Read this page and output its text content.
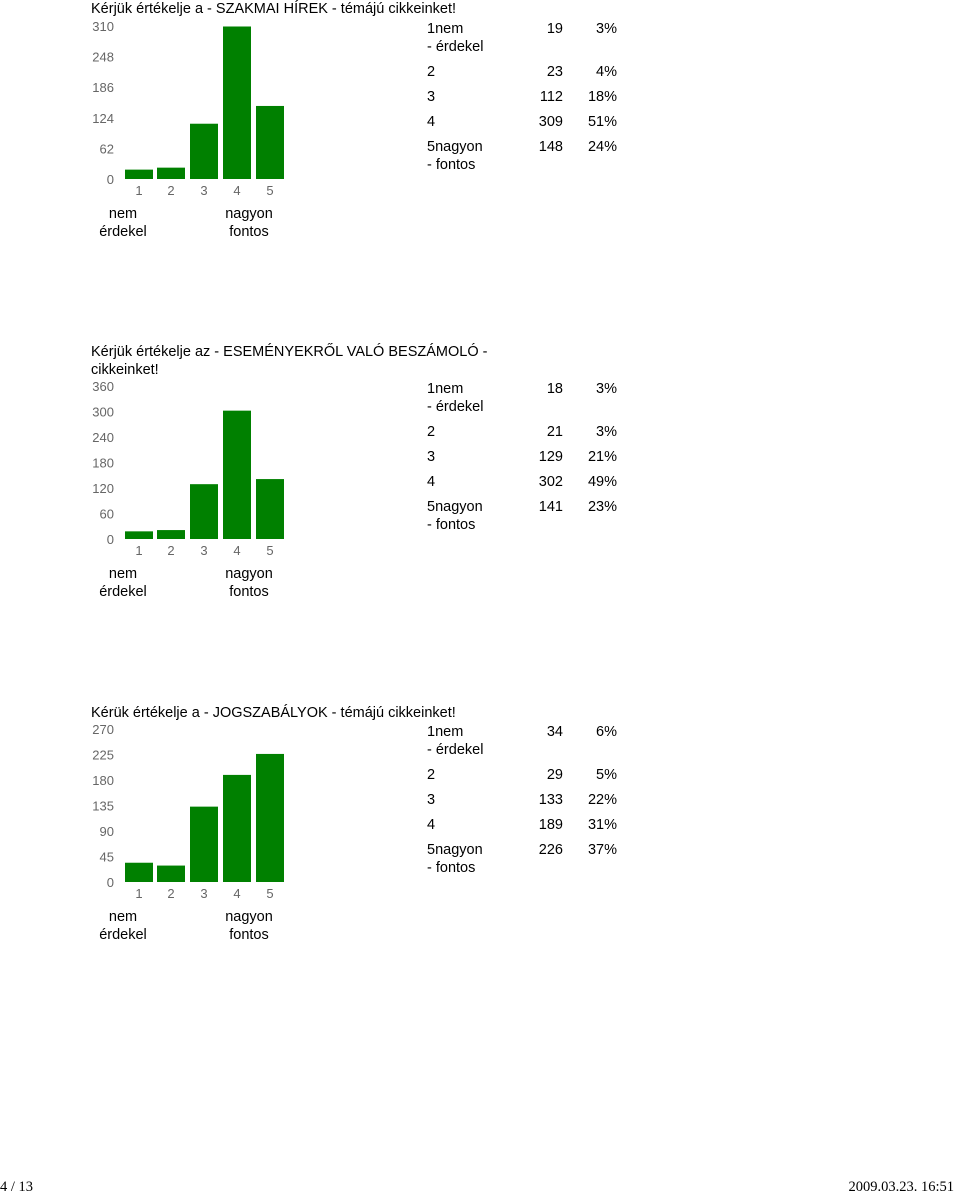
Kérjük értékelje a - SZAKMAI HÍREK - témájú cikkeinket!
0
62
124
186
248
310
1 2 3 4 5
nem
érdekel
nagyon
fontos
1nem
- érdekel	19	3%

2	23	4%

3	112	18%

4	309	51%

5nagyon
- fontos	148	24%
Kérjük értékelje az - ESEMÉNYEKRŐL VALÓ BESZÁMOLÓ - cikkeinket!
0
60
120
180
240
300
360
1 2 3 4 5
nem
érdekel
nagyon
fontos
1nem
- érdekel	18	3%

2	21	3%

3	129	21%

4	302	49%

5nagyon
- fontos	141	23%
Kérük értékelje a - JOGSZABÁLYOK - témájú cikkeinket!
0
45
90
135
180
225
270
1 2 3 4 5
nem
érdekel
nagyon
fontos
1nem
- érdekel	34	6%

2	29	5%

3	133	22%

4	189	31%

5nagyon
- fontos	226	37%
4 / 13	2009.03.23. 16:51
